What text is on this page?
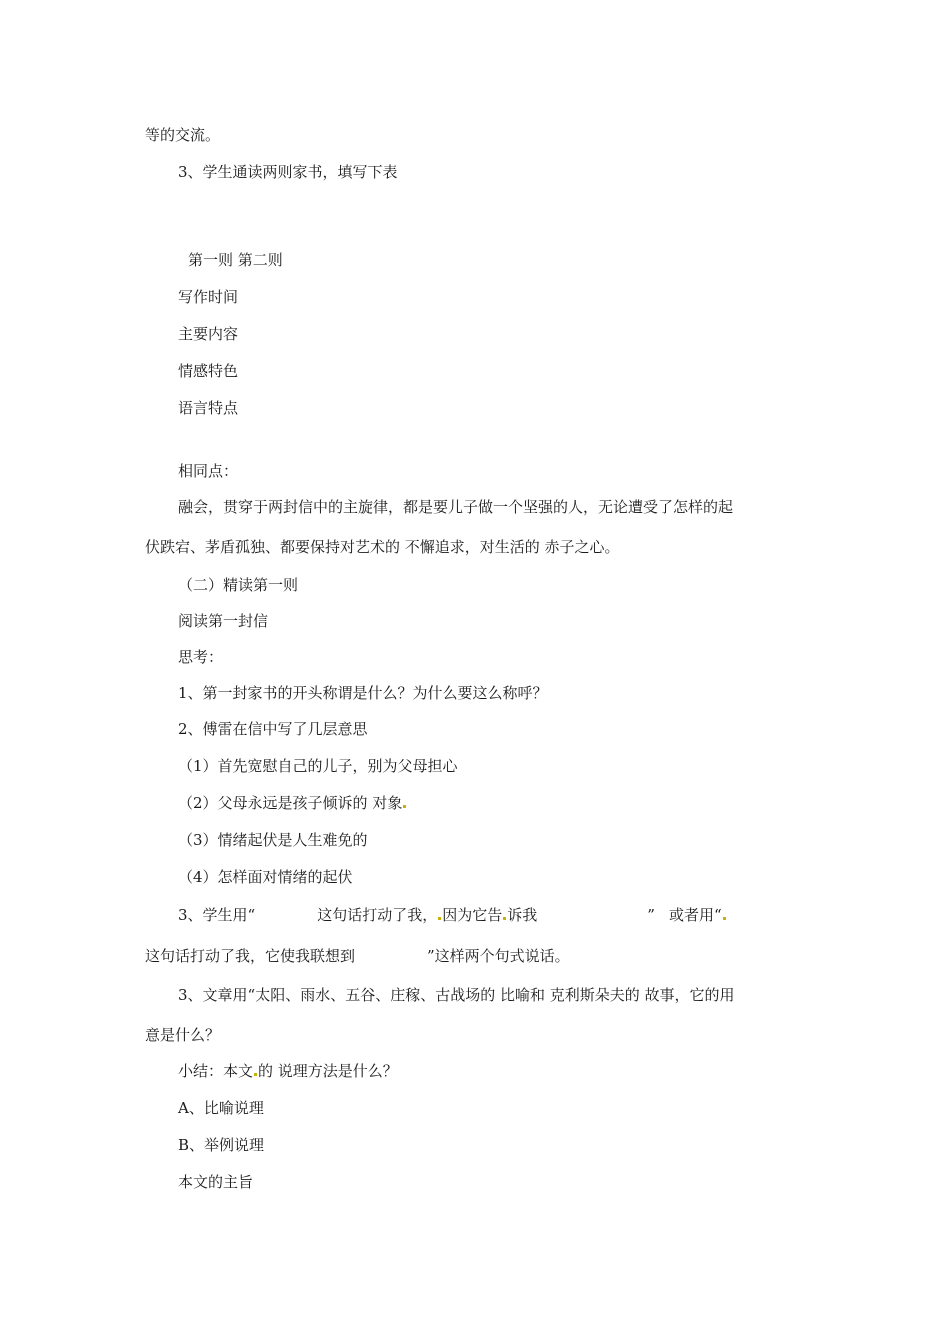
等的交流。

3、学生通读两则家书，填写下表

第一则 第二则

写作时间

主要内容

情感特色

语言特点

相同点：

融会，贯穿于两封信中的主旋律，都是要儿子做一个坚强的人，无论遭受了怎样的起

伏跌宕、茅盾孤独、都要保持对艺术的 不懈追求，对生活的 赤子之心。

（二）精读第一则

阅读第一封信

思考：

1、第一封家书的开头称谓是什么？为什么要这么称呼？

2、傅雷在信中写了几层意思

（1）首先宽慰自己的儿子，别为父母担心

（2）父母永远是孩子倾诉的 对象

（3）情绪起伏是人生难免的

（4）怎样面对情绪的起伏

3、学生用“	这句话打动了我， 因为它告 诉我	” 或者用“

这句话打动了我，它使我联想到	”这样两个句式说话。

3、文章用“太阳、雨水、五谷、庄稼、古战场的 比喻和 克利斯朵夫的 故事，它的用

意是什么？

小结：本文 的 说理方法是什么？

A、比喻说理

B、举例说理

本文的主旨
